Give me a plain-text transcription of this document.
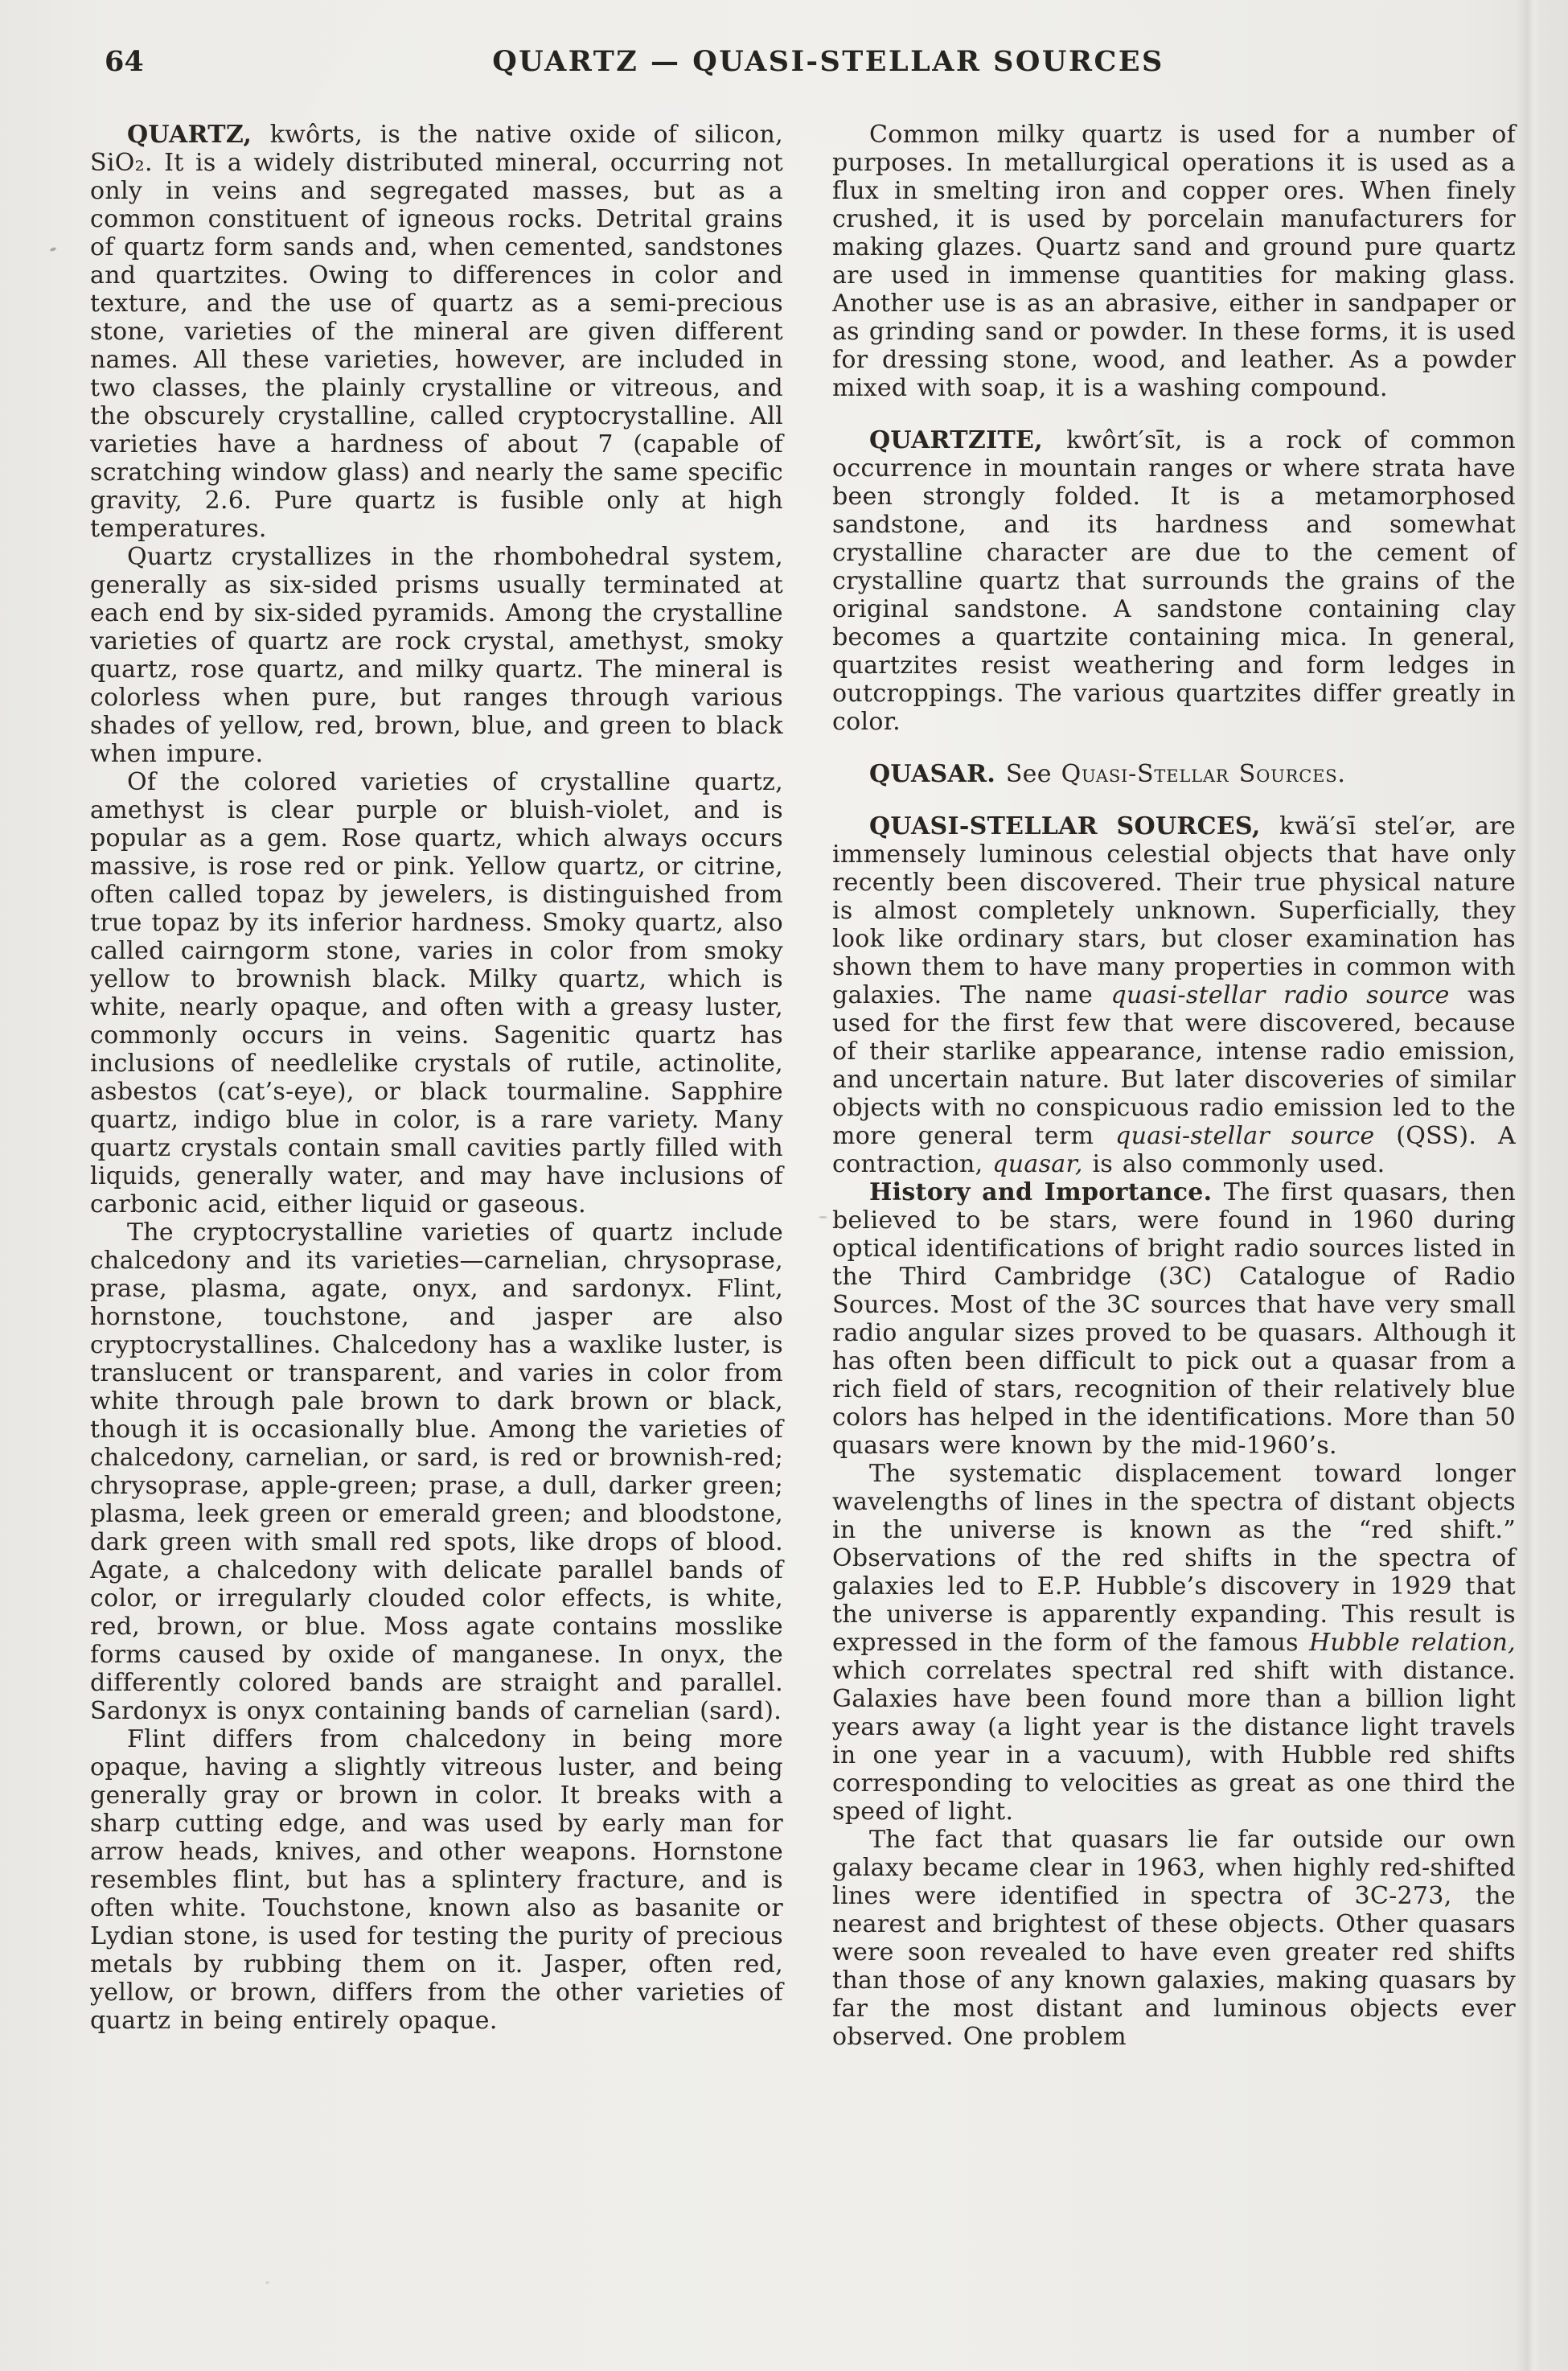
64	QUARTZ — QUASI-STELLAR SOURCES

QUARTZ, kwôrts, is the native oxide of silicon, SiO₂. It is a widely distributed mineral, occurring not only in veins and segregated masses, but as a common constituent of igneous rocks. Detrital grains of quartz form sands and, when cemented, sandstones and quartzites. Owing to differences in color and texture, and the use of quartz as a semi-precious stone, varieties of the mineral are given different names. All these varieties, however, are included in two classes, the plainly crystalline or vitreous, and the obscurely crystalline, called cryptocrystalline. All varieties have a hardness of about 7 (capable of scratching window glass) and nearly the same specific gravity, 2.6. Pure quartz is fusible only at high temperatures.

Quartz crystallizes in the rhombohedral system, generally as six-sided prisms usually terminated at each end by six-sided pyramids. Among the crystalline varieties of quartz are rock crystal, amethyst, smoky quartz, rose quartz, and milky quartz. The mineral is colorless when pure, but ranges through various shades of yellow, red, brown, blue, and green to black when impure.

Of the colored varieties of crystalline quartz, amethyst is clear purple or bluish-violet, and is popular as a gem. Rose quartz, which always occurs massive, is rose red or pink. Yellow quartz, or citrine, often called topaz by jewelers, is distinguished from true topaz by its inferior hardness. Smoky quartz, also called cairngorm stone, varies in color from smoky yellow to brownish black. Milky quartz, which is white, nearly opaque, and often with a greasy luster, commonly occurs in veins. Sagenitic quartz has inclusions of needlelike crystals of rutile, actinolite, asbestos (cat’s-eye), or black tourmaline. Sapphire quartz, indigo blue in color, is a rare variety. Many quartz crystals contain small cavities partly filled with liquids, generally water, and may have inclusions of carbonic acid, either liquid or gaseous.

The cryptocrystalline varieties of quartz include chalcedony and its varieties—carnelian, chrysoprase, prase, plasma, agate, onyx, and sardonyx. Flint, hornstone, touchstone, and jasper are also cryptocrystallines. Chalcedony has a waxlike luster, is translucent or transparent, and varies in color from white through pale brown to dark brown or black, though it is occasionally blue. Among the varieties of chalcedony, carnelian, or sard, is red or brownish-red; chrysoprase, apple-green; prase, a dull, darker green; plasma, leek green or emerald green; and bloodstone, dark green with small red spots, like drops of blood. Agate, a chalcedony with delicate parallel bands of color, or irregularly clouded color effects, is white, red, brown, or blue. Moss agate contains mosslike forms caused by oxide of manganese. In onyx, the differently colored bands are straight and parallel. Sardonyx is onyx containing bands of carnelian (sard).

Flint differs from chalcedony in being more opaque, having a slightly vitreous luster, and being generally gray or brown in color. It breaks with a sharp cutting edge, and was used by early man for arrow heads, knives, and other weapons. Hornstone resembles flint, but has a splintery fracture, and is often white. Touchstone, known also as basanite or Lydian stone, is used for testing the purity of precious metals by rubbing them on it. Jasper, often red, yellow, or brown, differs from the other varieties of quartz in being entirely opaque.

Common milky quartz is used for a number of purposes. In metallurgical operations it is used as a flux in smelting iron and copper ores. When finely crushed, it is used by porcelain manufacturers for making glazes. Quartz sand and ground pure quartz are used in immense quantities for making glass. Another use is as an abrasive, either in sandpaper or as grinding sand or powder. In these forms, it is used for dressing stone, wood, and leather. As a powder mixed with soap, it is a washing compound.

QUARTZITE, kwôrt′sīt, is a rock of common occurrence in mountain ranges or where strata have been strongly folded. It is a metamorphosed sandstone, and its hardness and somewhat crystalline character are due to the cement of crystalline quartz that surrounds the grains of the original sandstone. A sandstone containing clay becomes a quartzite containing mica. In general, quartzites resist weathering and form ledges in outcroppings. The various quartzites differ greatly in color.

QUASAR. See Quasi-Stellar Sources.

QUASI-STELLAR SOURCES, kwä′sī stel′ər, are immensely luminous celestial objects that have only recently been discovered. Their true physical nature is almost completely unknown. Superficially, they look like ordinary stars, but closer examination has shown them to have many properties in common with galaxies. The name quasi-stellar radio source was used for the first few that were discovered, because of their starlike appearance, intense radio emission, and uncertain nature. But later discoveries of similar objects with no conspicuous radio emission led to the more general term quasi-stellar source (QSS). A contraction, quasar, is also commonly used.

History and Importance. The first quasars, then believed to be stars, were found in 1960 during optical identifications of bright radio sources listed in the Third Cambridge (3C) Catalogue of Radio Sources. Most of the 3C sources that have very small radio angular sizes proved to be quasars. Although it has often been difficult to pick out a quasar from a rich field of stars, recognition of their relatively blue colors has helped in the identifications. More than 50 quasars were known by the mid-1960’s.

The systematic displacement toward longer wavelengths of lines in the spectra of distant objects in the universe is known as the “red shift.” Observations of the red shifts in the spectra of galaxies led to E.P. Hubble’s discovery in 1929 that the universe is apparently expanding. This result is expressed in the form of the famous Hubble relation, which correlates spectral red shift with distance. Galaxies have been found more than a billion light years away (a light year is the distance light travels in one year in a vacuum), with Hubble red shifts corresponding to velocities as great as one third the speed of light.

The fact that quasars lie far outside our own galaxy became clear in 1963, when highly red-shifted lines were identified in spectra of 3C-273, the nearest and brightest of these objects. Other quasars were soon revealed to have even greater red shifts than those of any known galaxies, making quasars by far the most distant and luminous objects ever observed. One problem
